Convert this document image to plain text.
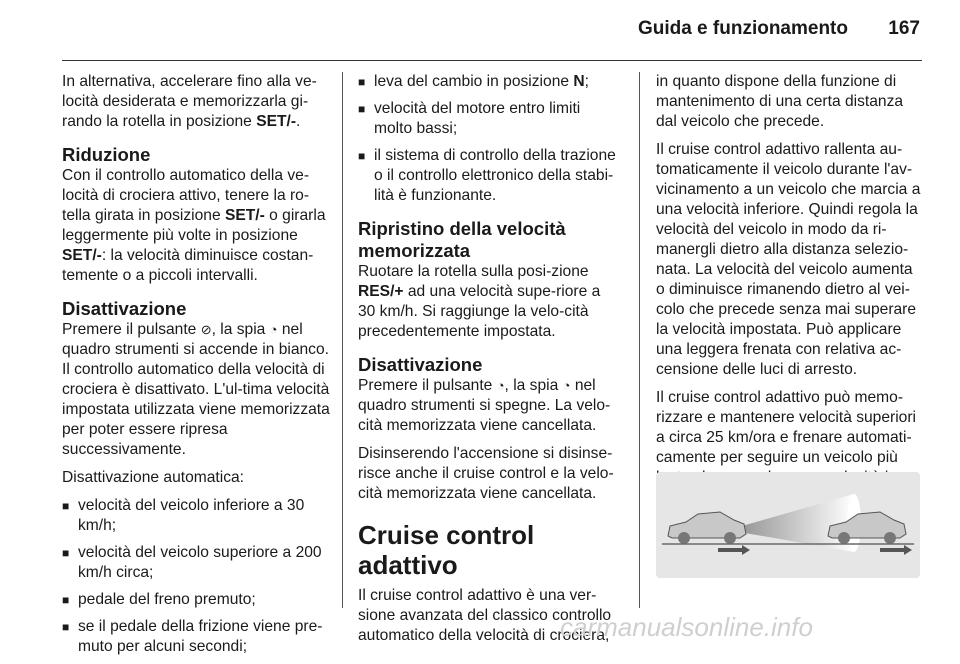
Guida e funzionamento 167

In alternativa, accelerare fino alla ve-locità desiderata e memorizzarla gi-rando la rotella in posizione SET/-.

Riduzione

Con il controllo automatico della ve-locità di crociera attivo, tenere la ro-tella girata in posizione SET/- o girarla leggermente più volte in posizione SET/-: la velocità diminuisce costan-temente o a piccoli intervalli.

Disattivazione

Premere il pulsante ⊘, la spia ◔ nel quadro strumenti si accende in bianco. Il controllo automatico della velocità di crociera è disattivato. L'ul-tima velocità impostata utilizzata viene memorizzata per poter essere ripresa successivamente.

Disattivazione automatica:

■ velocità del veicolo inferiore a 30 km/h;
■ velocità del veicolo superiore a 200 km/h circa;
■ pedale del freno premuto;
■ se il pedale della frizione viene pre-muto per alcuni secondi;
■ leva del cambio in posizione N;
■ velocità del motore entro limiti molto bassi;
■ il sistema di controllo della trazione o il controllo elettronico della stabi-lità è funzionante.
Ripristino della velocità memorizzata

Ruotare la rotella sulla posi-zione RES/+ ad una velocità supe-riore a 30 km/h. Si raggiunge la velo-cità precedentemente impostata.

Disattivazione

Premere il pulsante ◔, la spia ◔ nel quadro strumenti si spegne. La velo-cità memorizzata viene cancellata.

Disinserendo l'accensione si disinse-risce anche il cruise control e la velo-cità memorizzata viene cancellata.

Cruise control adattivo

Il cruise control adattivo è una ver-sione avanzata del classico controllo automatico della velocità di crociera,

in quanto dispone della funzione di mantenimento di una certa distanza dal veicolo che precede.

Il cruise control adattivo rallenta au-tomaticamente il veicolo durante l'av-vicinamento a un veicolo che marcia a una velocità inferiore. Quindi regola la velocità del veicolo in modo da ri-manergli dietro alla distanza selezio-nata. La velocità del veicolo aumenta o diminuisce rimanendo dietro al vei-colo che precede senza mai superare la velocità impostata. Può applicare una leggera frenata con relativa ac-censione delle luci di arresto.

Il cruise control adattivo può memo-rizzare e mantenere velocità superiori a circa 25 km/ora e frenare automati-camente per seguire un veicolo più

carmanualsonline.info
